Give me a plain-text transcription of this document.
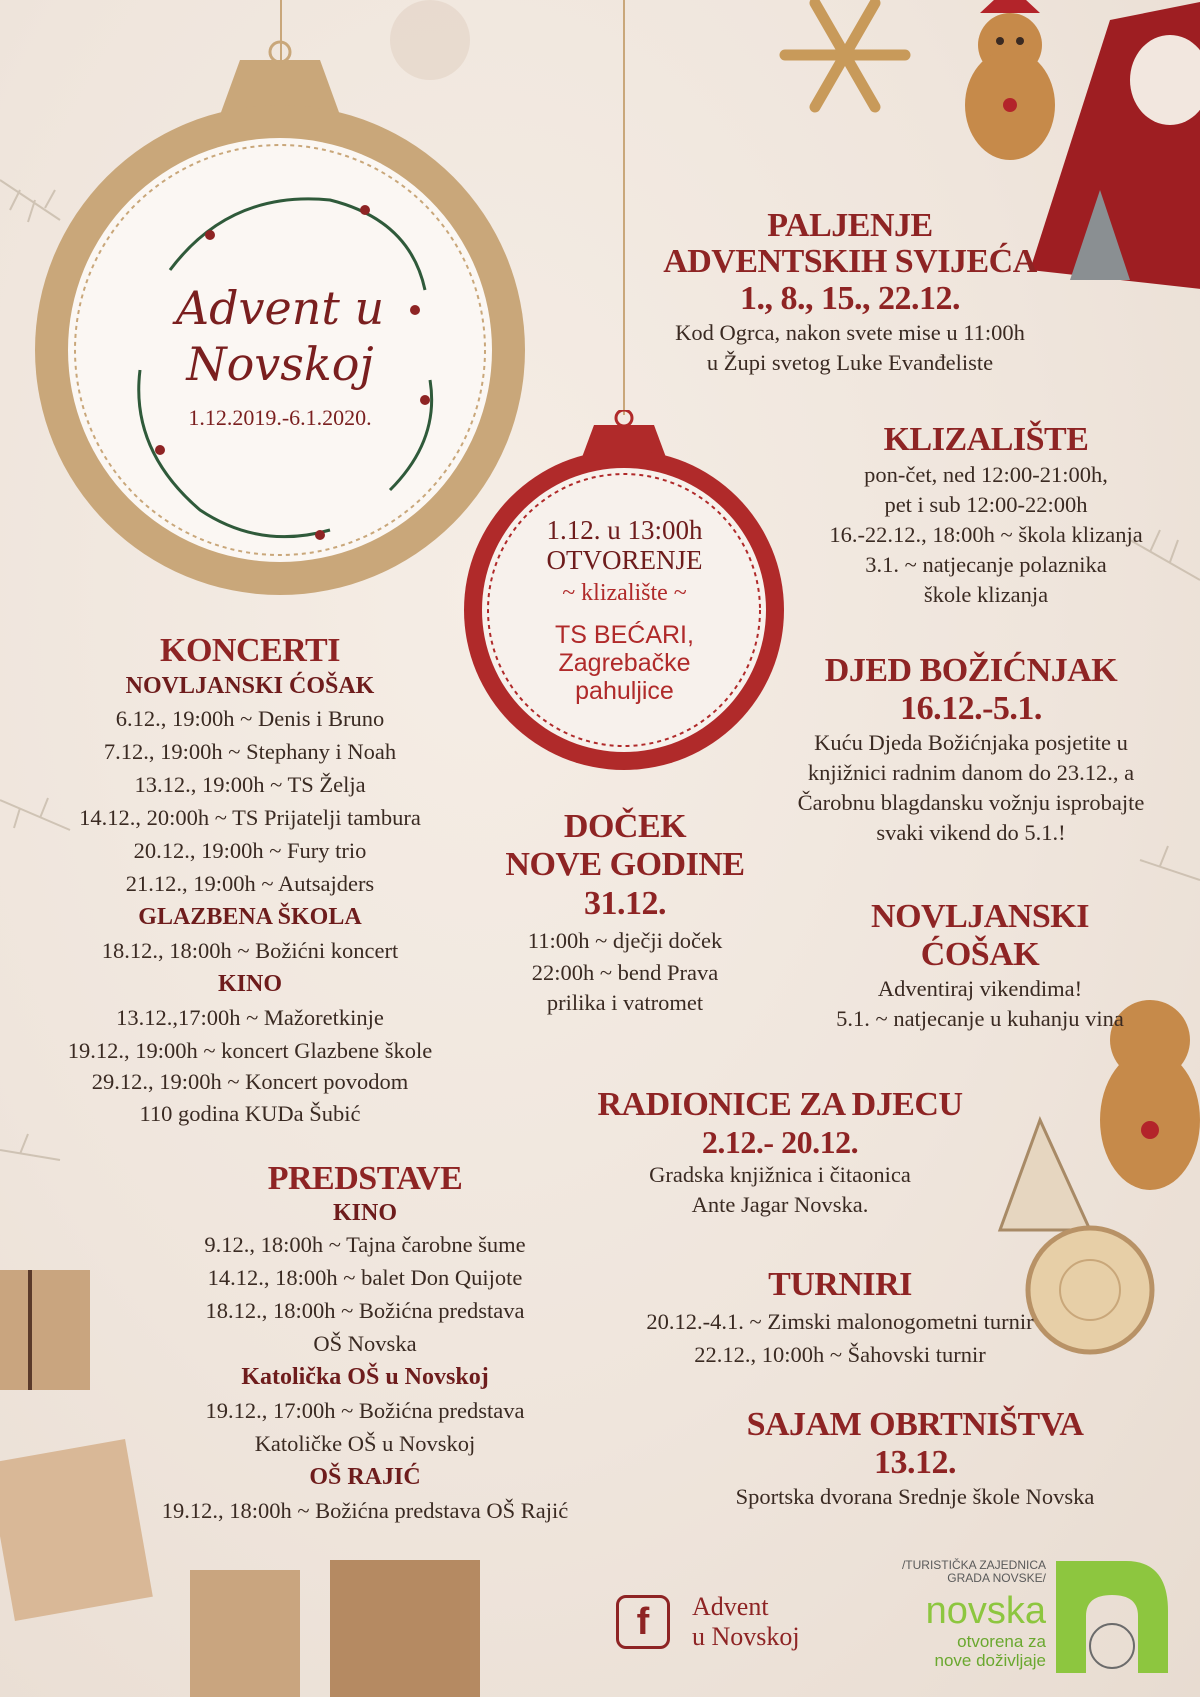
Advent u
Novskoj
1.12.2019.-6.1.2020.
1.12. u 13:00h
OTVORENJE
~ klizalište ~
TS BEĆARI,
Zagrebačke
pahuljice
PALJENJE
ADVENTSKIH SVIJEĆA
1., 8., 15., 22.12.
Kod Ogrca, nakon svete mise u 11:00h
u Župi svetog Luke Evanđeliste
KLIZALIŠTE
pon-čet, ned 12:00-21:00h,
pet i sub 12:00-22:00h
16.-22.12., 18:00h ~ škola klizanja
3.1. ~ natjecanje polaznika
škole klizanja
DJED BOŽIĆNJAK
16.12.-5.1.
Kuću Djeda Božićnjaka posjetite u
knjižnici radnim danom do 23.12., a
Čarobnu blagdansku vožnju isprobajte
svaki vikend do 5.1.!
NOVLJANSKI
ĆOŠAK
Adventiraj vikendima!
5.1. ~ natjecanje u kuhanju vina
DOČEK
NOVE GODINE
31.12.
11:00h ~ dječji doček
22:00h ~ bend Prava
prilika i vatromet
RADIONICE ZA DJECU
2.12.- 20.12.
Gradska knjižnica i čitaonica
Ante Jagar Novska.
TURNIRI
20.12.-4.1. ~ Zimski malonogometni turnir
22.12., 10:00h ~ Šahovski turnir
SAJAM OBRTNIŠTVA
13.12.
Sportska dvorana Srednje škole Novska
KONCERTI
NOVLJANSKI ĆOŠAK
6.12., 19:00h ~ Denis i Bruno
7.12., 19:00h ~ Stephany i Noah
13.12., 19:00h ~ TS Želja
14.12., 20:00h ~ TS Prijatelji tambura
20.12., 19:00h ~ Fury trio
21.12., 19:00h ~ Autsajders
GLAZBENA ŠKOLA
18.12., 18:00h ~ Božićni koncert
KINO
13.12.,17:00h ~ Mažoretkinje
19.12., 19:00h ~ koncert Glazbene škole
29.12., 19:00h ~ Koncert povodom
110 godina KUDa Šubić
PREDSTAVE
KINO
9.12., 18:00h ~ Tajna čarobne šume
14.12., 18:00h ~ balet Don Quijote
18.12., 18:00h ~ Božićna predstava
OŠ Novska
Katolička OŠ u Novskoj
19.12., 17:00h ~ Božićna predstava
Katoličke OŠ u Novskoj
OŠ RAJIĆ
19.12., 18:00h ~ Božićna predstava OŠ Rajić
f	Advent
u Novskoj
/TURISTIČKA ZAJEDNICA
GRADA NOVSKE/
novska
otvorena za
nove doživljaje
